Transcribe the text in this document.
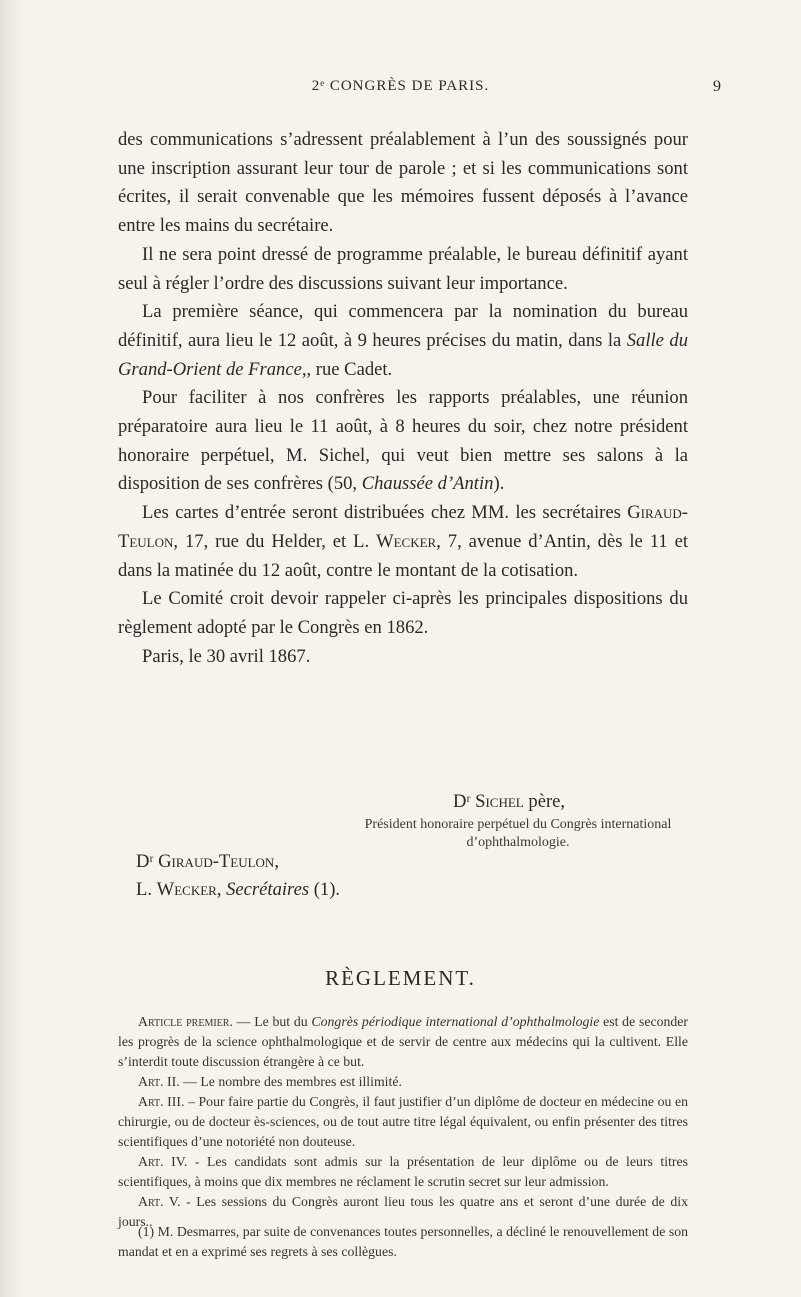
2ᵉ CONGRÈS DE PARIS.	9

des communications s’adressent préalablement à l’un des soussignés pour une inscription assurant leur tour de parole ; et si les communications sont écrites, il serait convenable que les mémoires fussent déposés à l’avance entre les mains du secrétaire.

Il ne sera point dressé de programme préalable, le bureau définitif ayant seul à régler l’ordre des discussions suivant leur importance.

La première séance, qui commencera par la nomination du bureau définitif, aura lieu le 12 août, à 9 heures précises du matin, dans la Salle du Grand-Orient de France,, rue Cadet.

Pour faciliter à nos confrères les rapports préalables, une réunion préparatoire aura lieu le 11 août, à 8 heures du soir, chez notre président honoraire perpétuel, M. Sichel, qui veut bien mettre ses salons à la disposition de ses confrères (50, Chaussée d’Antin).

Les cartes d’entrée seront distribuées chez MM. les secrétaires Giraud-Teulon, 17, rue du Helder, et L. Wecker, 7, avenue d’Antin, dès le 11 et dans la matinée du 12 août, contre le montant de la cotisation.

Le Comité croit devoir rappeler ci-après les principales dispositions du règlement adopté par le Congrès en 1862.

Paris, le 30 avril 1867.

Dʳ Sichel père,
Président honoraire perpétuel du Congrès international d’ophthalmologie.
Dʳ Giraud-Teulon,
L. Wecker, Secrétaires (1).
RÈGLEMENT.

Article premier. — Le but du Congrès périodique international d’ophthalmologie est de seconder les progrès de la science ophthalmologique et de servir de centre aux médecins qui la cultivent. Elle s’interdit toute discussion étrangère à ce but.

Art. II. — Le nombre des membres est illimité.

Art. III. – Pour faire partie du Congrès, il faut justifier d’un diplôme de docteur en médecine ou en chirurgie, ou de docteur ès-sciences, ou de tout autre titre légal équivalent, ou enfin présenter des titres scientifiques d’une notoriété non douteuse.

Art. IV. - Les candidats sont admis sur la présentation de leur diplôme ou de leurs titres scientifiques, à moins que dix membres ne réclament le scrutin secret sur leur admission.

Art. V. - Les sessions du Congrès auront lieu tous les quatre ans et seront d’une durée de dix jours..

(1) M. Desmarres, par suite de convenances toutes personnelles, a décliné le renouvellement de son mandat et en a exprimé ses regrets à ses collègues.
